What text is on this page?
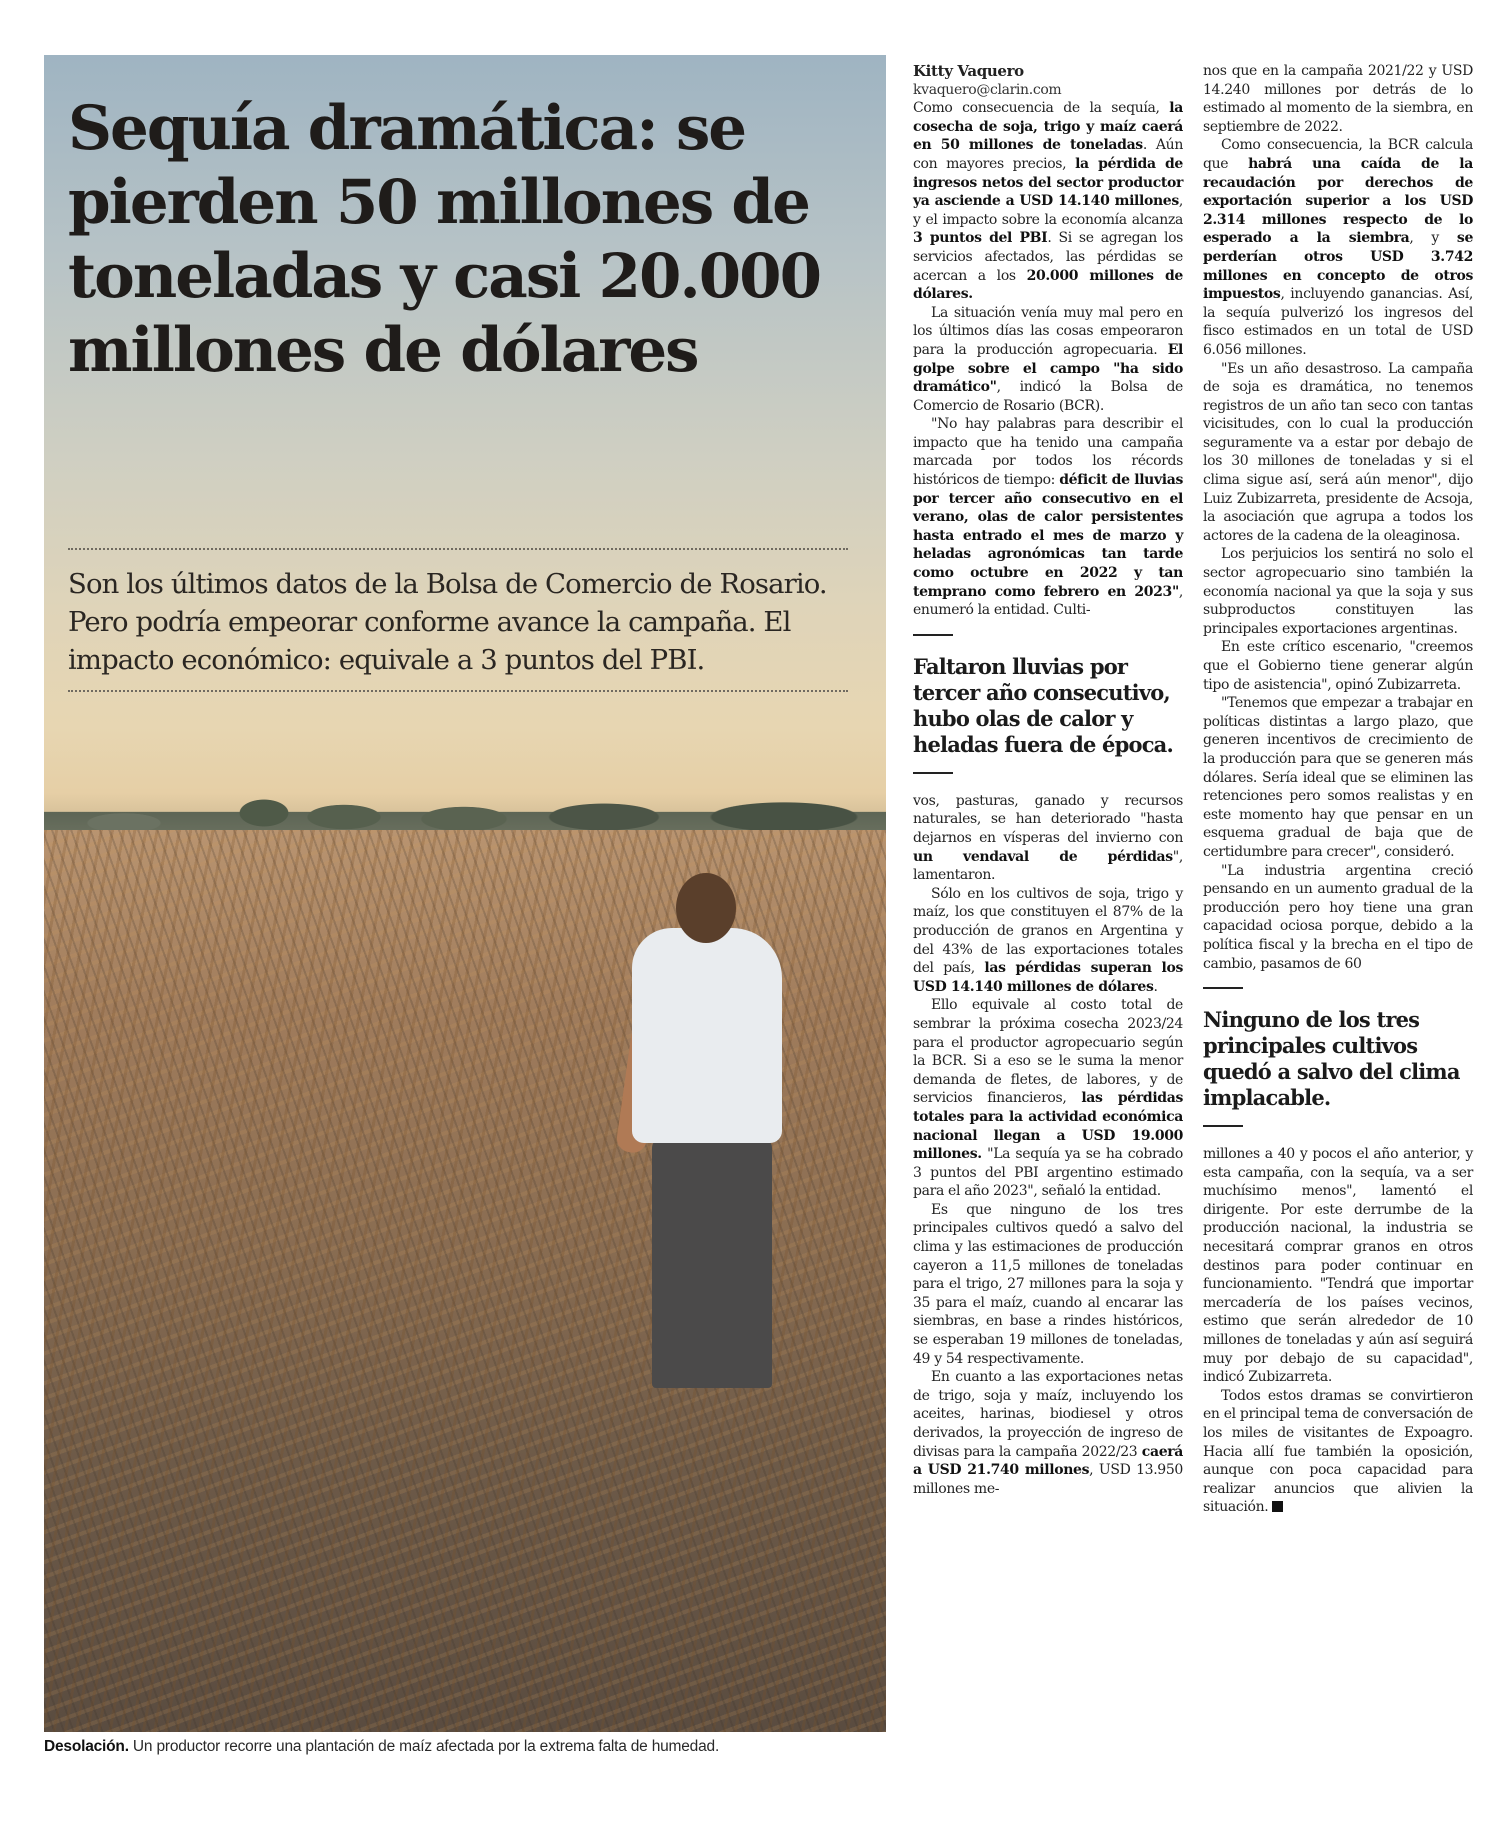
Sequía dramática: se pierden 50 millones de toneladas y casi 20.000 millones de dólares

Son los últimos datos de la Bolsa de Comercio de Rosario. Pero podría empeorar conforme avance la campaña. El impacto económico: equivale a 3 puntos del PBI.

Desolación. Un productor recorre una plantación de maíz afectada por la extrema falta de humedad.

Kitty Vaquero

kvaquero@clarin.com

Como consecuencia de la sequía, la cosecha de soja, trigo y maíz caerá en 50 millones de toneladas. Aún con mayores precios, la pérdida de ingresos netos del sector productor ya asciende a USD 14.140 millones, y el impacto sobre la economía alcanza 3 puntos del PBI. Si se agregan los servicios afectados, las pérdidas se acercan a los 20.000 millones de dólares.

La situación venía muy mal pero en los últimos días las cosas empeoraron para la producción agropecuaria. El golpe sobre el campo "ha sido dramático", indicó la Bolsa de Comercio de Rosario (BCR).

"No hay palabras para describir el impacto que ha tenido una campaña marcada por todos los récords históricos de tiempo: déficit de lluvias por tercer año consecutivo en el verano, olas de calor persistentes hasta entrado el mes de marzo y heladas agronómicas tan tarde como octubre en 2022 y tan temprano como febrero en 2023", enumeró la entidad. Culti-

Faltaron lluvias por tercer año consecutivo, hubo olas de calor y heladas fuera de época.

vos, pasturas, ganado y recursos naturales, se han deteriorado "hasta dejarnos en vísperas del invierno con un vendaval de pérdidas", lamentaron.

Sólo en los cultivos de soja, trigo y maíz, los que constituyen el 87% de la producción de granos en Argentina y del 43% de las exportaciones totales del país, las pérdidas superan los USD 14.140 millones de dólares.

Ello equivale al costo total de sembrar la próxima cosecha 2023/24 para el productor agropecuario según la BCR. Si a eso se le suma la menor demanda de fletes, de labores, y de servicios financieros, las pérdidas totales para la actividad económica nacional llegan a USD 19.000 millones. "La sequía ya se ha cobrado 3 puntos del PBI argentino estimado para el año 2023", señaló la entidad.

Es que ninguno de los tres principales cultivos quedó a salvo del clima y las estimaciones de producción cayeron a 11,5 millones de toneladas para el trigo, 27 millones para la soja y 35 para el maíz, cuando al encarar las siembras, en base a rindes históricos, se esperaban 19 millones de toneladas, 49 y 54 respectivamente.

En cuanto a las exportaciones netas de trigo, soja y maíz, incluyendo los aceites, harinas, biodiesel y otros derivados, la proyección de ingreso de divisas para la campaña 2022/23 caerá a USD 21.740 millones, USD 13.950 millones me-

nos que en la campaña 2021/22 y USD 14.240 millones por detrás de lo estimado al momento de la siembra, en septiembre de 2022.

Como consecuencia, la BCR calcula que habrá una caída de la recaudación por derechos de exportación superior a los USD 2.314 millones respecto de lo esperado a la siembra, y se perderían otros USD 3.742 millones en concepto de otros impuestos, incluyendo ganancias. Así, la sequía pulverizó los ingresos del fisco estimados en un total de USD 6.056 millones.

"Es un año desastroso. La campaña de soja es dramática, no tenemos registros de un año tan seco con tantas vicisitudes, con lo cual la producción seguramente va a estar por debajo de los 30 millones de toneladas y si el clima sigue así, será aún menor", dijo Luiz Zubizarreta, presidente de Acsoja, la asociación que agrupa a todos los actores de la cadena de la oleaginosa.

Los perjuicios los sentirá no solo el sector agropecuario sino también la economía nacional ya que la soja y sus subproductos constituyen las principales exportaciones argentinas.

En este crítico escenario, "creemos que el Gobierno tiene generar algún tipo de asistencia", opinó Zubizarreta.

"Tenemos que empezar a trabajar en políticas distintas a largo plazo, que generen incentivos de crecimiento de la producción para que se generen más dólares. Sería ideal que se eliminen las retenciones pero somos realistas y en este momento hay que pensar en un esquema gradual de baja que de certidumbre para crecer", consideró.

"La industria argentina creció pensando en un aumento gradual de la producción pero hoy tiene una gran capacidad ociosa porque, debido a la política fiscal y la brecha en el tipo de cambio, pasamos de 60

Ninguno de los tres principales cultivos quedó a salvo del clima implacable.

millones a 40 y pocos el año anterior, y esta campaña, con la sequía, va a ser muchísimo menos", lamentó el dirigente. Por este derrumbe de la producción nacional, la industria se necesitará comprar granos en otros destinos para poder continuar en funcionamiento. "Tendrá que importar mercadería de los países vecinos, estimo que serán alrededor de 10 millones de toneladas y aún así seguirá muy por debajo de su capacidad", indicó Zubizarreta.

Todos estos dramas se convirtieron en el principal tema de conversación de los miles de visitantes de Expoagro. Hacia allí fue también la oposición, aunque con poca capacidad para realizar anuncios que alivien la situación.
